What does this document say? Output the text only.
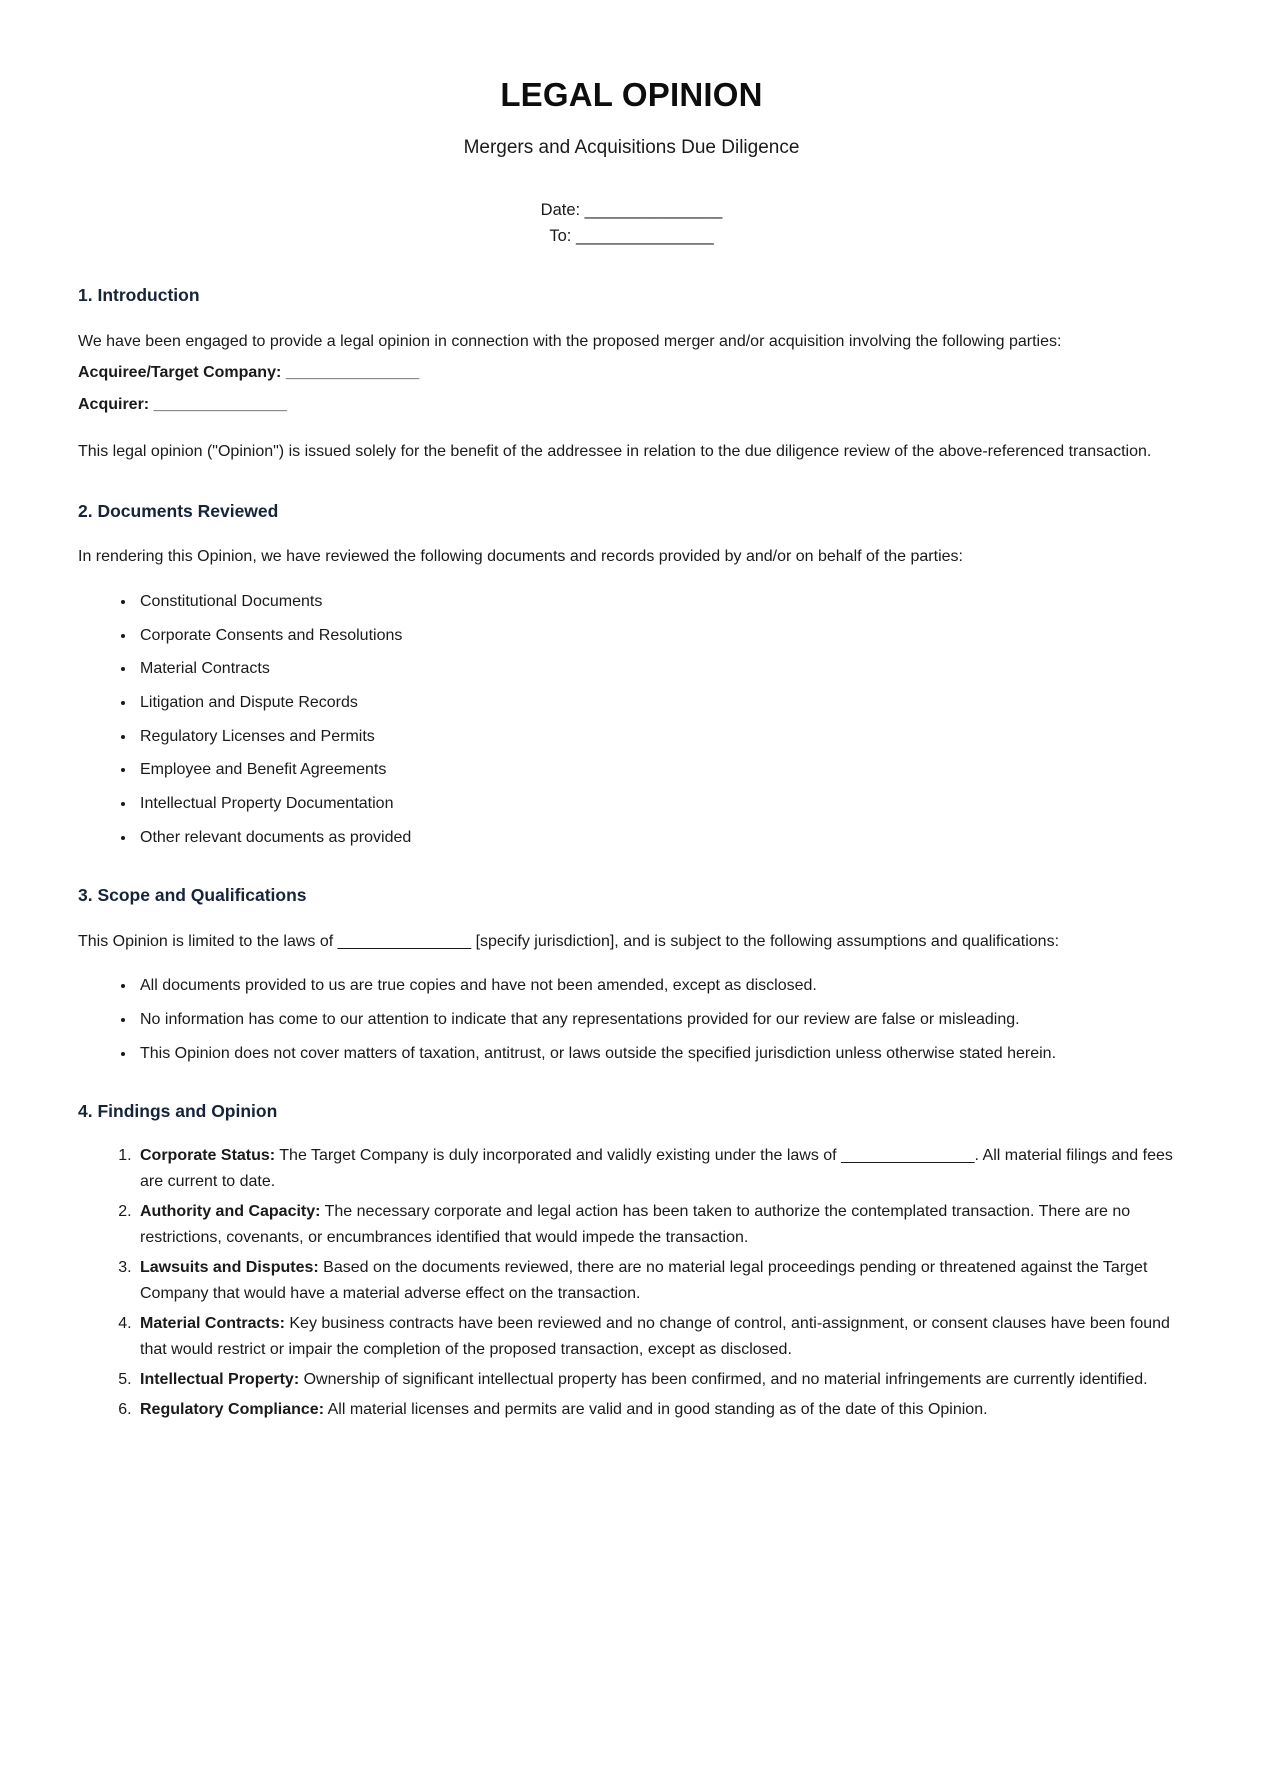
LEGAL OPINION
Mergers and Acquisitions Due Diligence
Date: _______________
To: _______________
1. Introduction

We have been engaged to provide a legal opinion in connection with the proposed merger and/or acquisition involving the following parties:

Acquiree/Target Company: _______________

Acquirer: _______________

This legal opinion ("Opinion") is issued solely for the benefit of the addressee in relation to the due diligence review of the above-referenced transaction.

2. Documents Reviewed

In rendering this Opinion, we have reviewed the following documents and records provided by and/or on behalf of the parties:

• Constitutional Documents
• Corporate Consents and Resolutions
• Material Contracts
• Litigation and Dispute Records
• Regulatory Licenses and Permits
• Employee and Benefit Agreements
• Intellectual Property Documentation
• Other relevant documents as provided
3. Scope and Qualifications

This Opinion is limited to the laws of _______________ [specify jurisdiction], and is subject to the following assumptions and qualifications:

• All documents provided to us are true copies and have not been amended, except as disclosed.
• No information has come to our attention to indicate that any representations provided for our review are false or misleading.
• This Opinion does not cover matters of taxation, antitrust, or laws outside the specified jurisdiction unless otherwise stated herein.
4. Findings and Opinion
1. Corporate Status: The Target Company is duly incorporated and validly existing under the laws of _______________. All material filings and fees are current to date.
2. Authority and Capacity: The necessary corporate and legal action has been taken to authorize the contemplated transaction. There are no restrictions, covenants, or encumbrances identified that would impede the transaction.
3. Lawsuits and Disputes: Based on the documents reviewed, there are no material legal proceedings pending or threatened against the Target Company that would have a material adverse effect on the transaction.
4. Material Contracts: Key business contracts have been reviewed and no change of control, anti-assignment, or consent clauses have been found that would restrict or impair the completion of the proposed transaction, except as disclosed.
5. Intellectual Property: Ownership of significant intellectual property has been confirmed, and no material infringements are currently identified.
6. Regulatory Compliance: All material licenses and permits are valid and in good standing as of the date of this Opinion.
